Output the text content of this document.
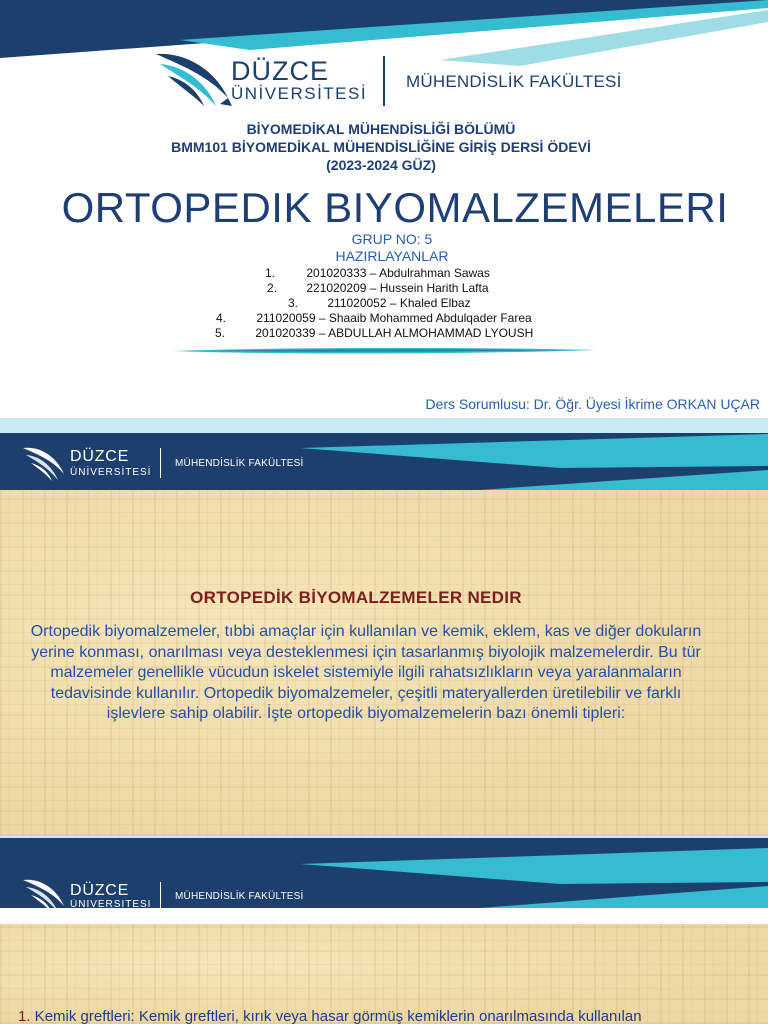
DÜZCE
ÜNİVERSİTESİ
MÜHENDİSLİK FAKÜLTESİ
BİYOMEDİKAL MÜHENDİSLİĞİ BÖLÜMÜ
BMM101 BİYOMEDİKAL MÜHENDİSLİĞİNE GİRİŞ DERSİ ÖDEVİ
(2023-2024 GÜZ)
ORTOPEDIK BIYOMALZEMELERI
GRUP NO: 5
HAZIRLAYANLAR
1.	201020333 – Abdulrahman Sawas
2. 221020209 – Hussein Harith Lafta
3. 211020052 – Khaled Elbaz
4.	211020059 – Shaaib Mohammed Abdulqader Farea
5.	201020339 – ABDULLAH ALMOHAMMAD LYOUSH
Ders Sorumlusu: Dr. Öğr. Üyesi İkrime ORKAN UÇAR
DÜZCE
ÜNİVERSİTESİ
MÜHENDİSLİK FAKÜLTESİ
ORTOPEDİK BİYOMALZEMELER NEDIR

Ortopedik biyomalzemeler, tıbbi amaçlar için kullanılan ve kemik, eklem, kas ve diğer dokuların yerine konması, onarılması veya desteklenmesi için tasarlanmış biyolojik malzemelerdir. Bu tür malzemeler genellikle vücudun iskelet sistemiyle ilgili rahatsızlıkların veya yaralanmaların tedavisinde kullanılır. Ortopedik biyomalzemeler, çeşitli materyallerden üretilebilir ve farklı işlevlere sahip olabilir. İşte ortopedik biyomalzemelerin bazı önemli tipleri:

DÜZCE
ÜNİVERSİTESİ
MÜHENDİSLİK FAKÜLTESİ

1. Kemik greftleri: Kemik greftleri, kırık veya hasar görmüş kemiklerin onarılmasında kullanılan
